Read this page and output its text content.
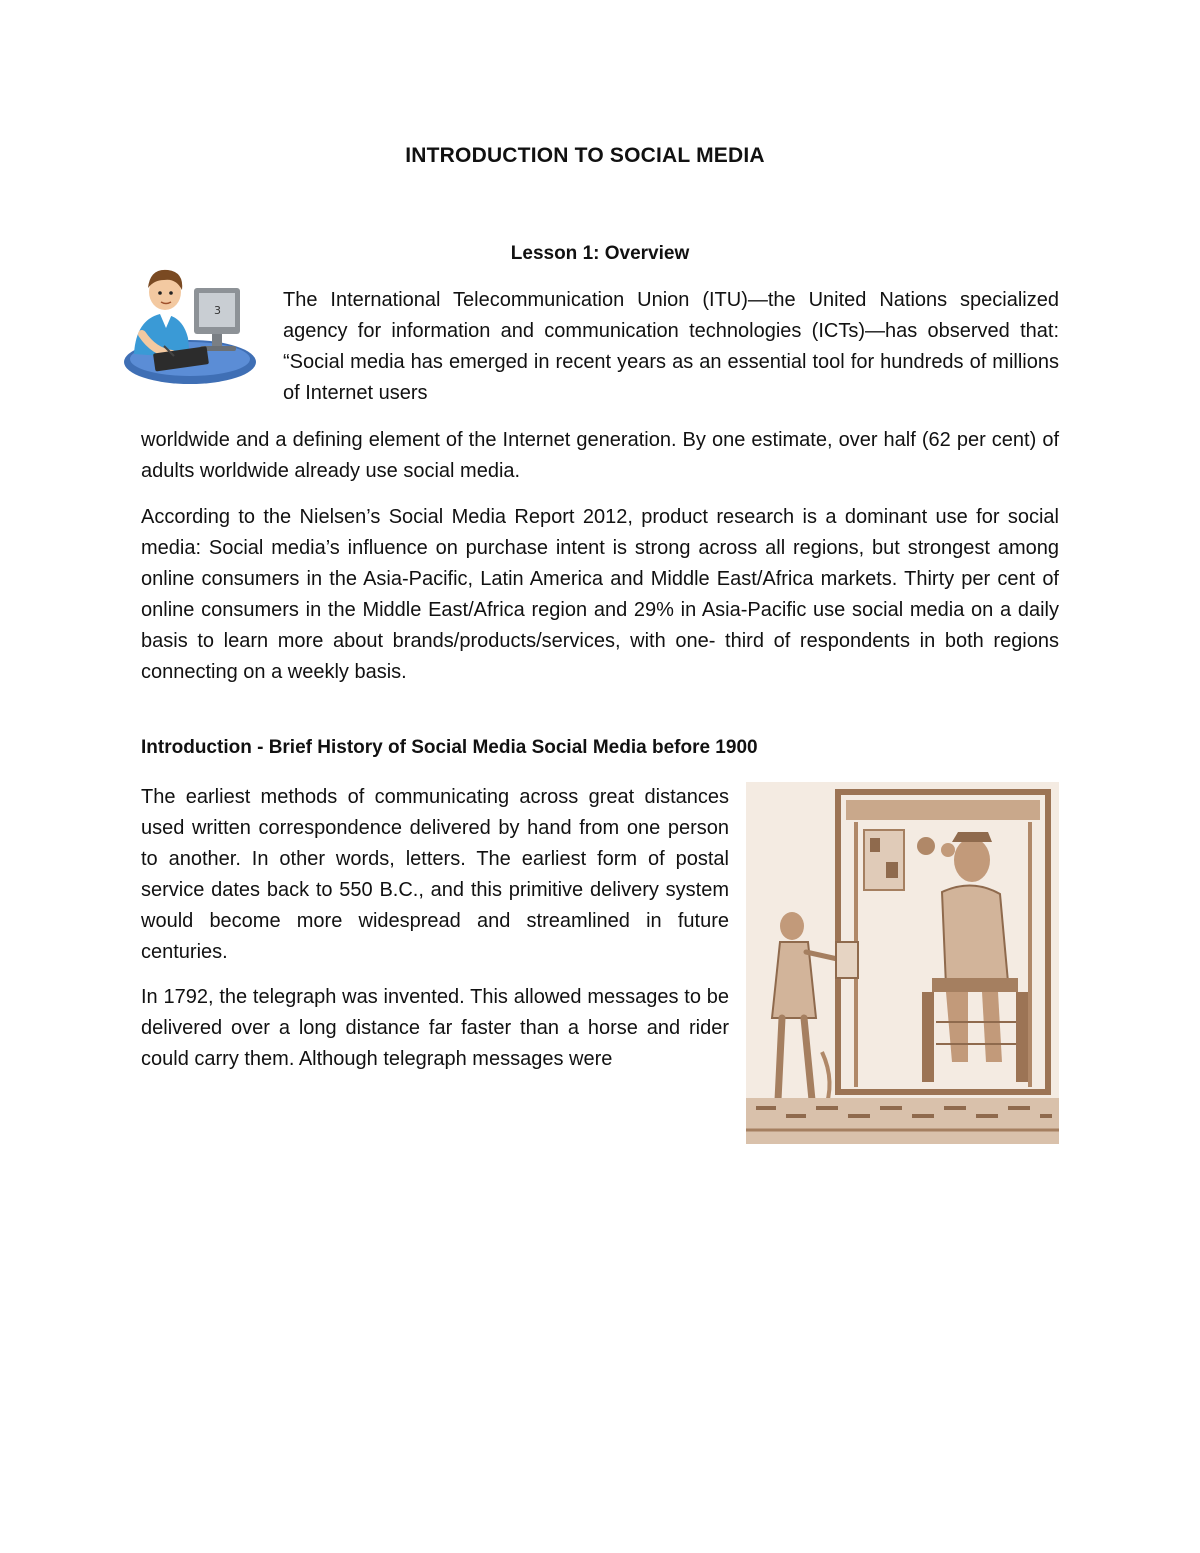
INTRODUCTION TO SOCIAL MEDIA
3
Lesson 1: Overview

The International Telecommunication Union (ITU)—the United Nations specialized agency for information and communication technologies (ICTs)—has observed that: “Social media has emerged in recent years as an essential tool for hundreds of millions of Internet users

worldwide and a defining element of the Internet generation. By one estimate, over half (62 per cent) of adults worldwide already use social media.

According to the Nielsen’s Social Media Report 2012, product research is a dominant use for social media: Social media’s influence on purchase intent is strong across all regions, but strongest among online consumers in the Asia-Pacific, Latin America and Middle East/Africa markets. Thirty per cent of online consumers in the Middle East/Africa region and 29% in Asia-Pacific use social media on a daily basis to learn more about brands/products/services, with one- third of respondents in both regions connecting on a weekly basis.

Introduction - Brief History of Social Media Social Media before 1900

The earliest methods of communicating across great distances used written correspondence delivered by hand from one person to another. In other words, letters. The earliest form of postal service dates back to 550 B.C., and this primitive delivery system would become more widespread and streamlined in future centuries.

In 1792, the telegraph was invented. This allowed messages to be delivered over a long distance far faster than a horse and rider could carry them. Although telegraph messages were
